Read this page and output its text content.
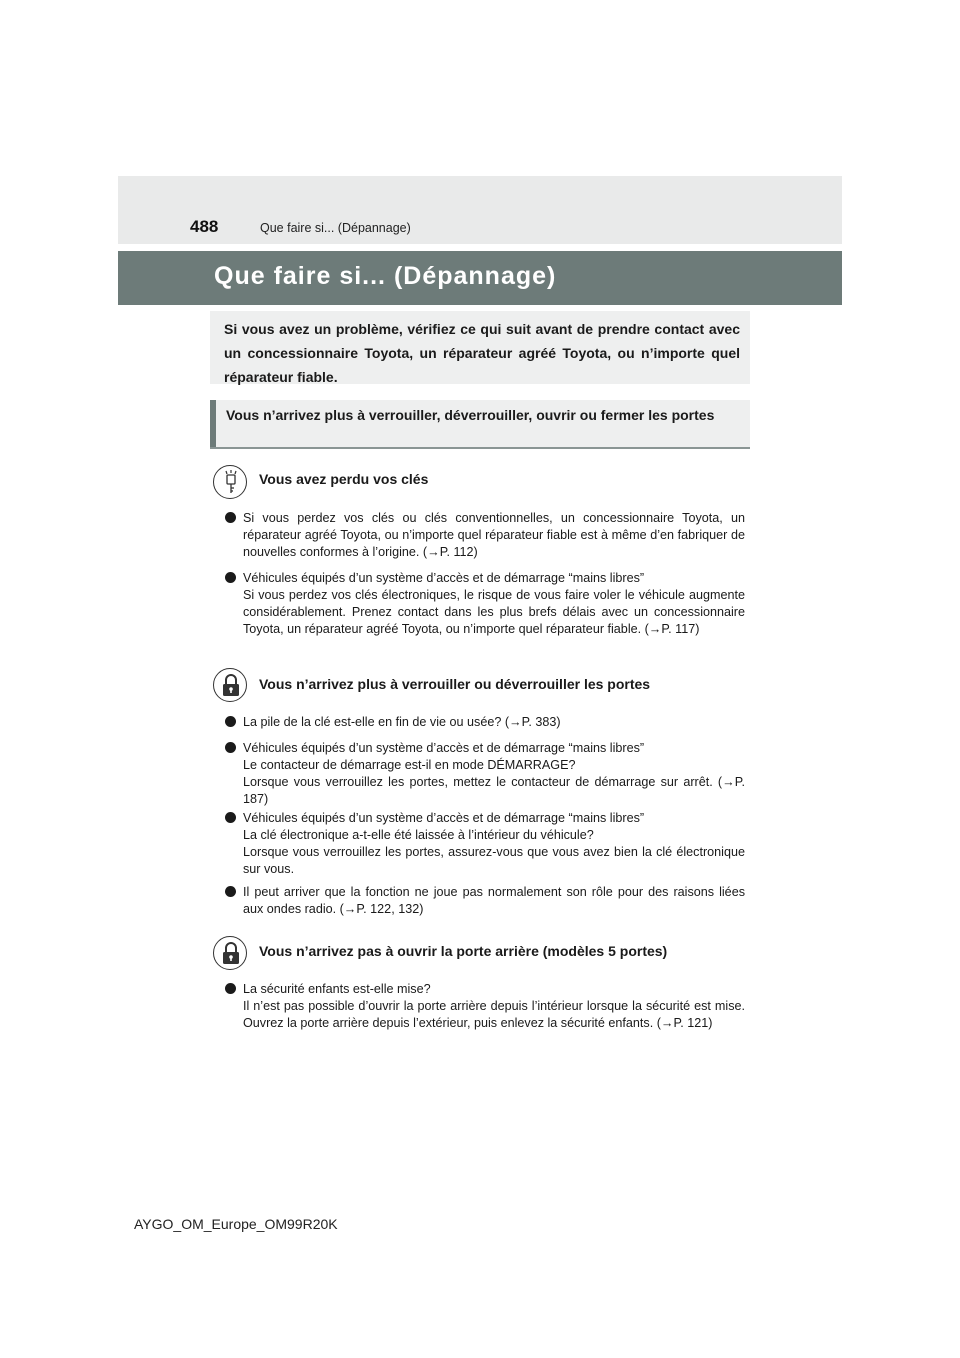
488	Que faire si... (Dépannage)
Que faire si... (Dépannage)
Si vous avez un problème, vérifiez ce qui suit avant de prendre contact avec un concessionnaire Toyota, un réparateur agréé Toyota, ou n’importe quel réparateur fiable.
Vous n’arrivez plus à verrouiller, déverrouiller, ouvrir ou fermer les portes
Vous avez perdu vos clés
Si vous perdez vos clés ou clés conventionnelles, un concessionnaire Toyota, un réparateur agréé Toyota, ou n’importe quel réparateur fiable est à même d’en fabriquer de nouvelles conformes à l’origine. (→P. 112)
Véhicules équipés d’un système d’accès et de démarrage “mains libres”
Si vous perdez vos clés électroniques, le risque de vous faire voler le véhicule augmente considérablement. Prenez contact dans les plus brefs délais avec un concessionnaire Toyota, un réparateur agréé Toyota, ou n’importe quel réparateur fiable. (→P. 117)
Vous n’arrivez plus à verrouiller ou déverrouiller les portes
La pile de la clé est-elle en fin de vie ou usée? (→P. 383)
Véhicules équipés d’un système d’accès et de démarrage “mains libres”
Le contacteur de démarrage est-il en mode DÉMARRAGE?
Lorsque vous verrouillez les portes, mettez le contacteur de démarrage sur arrêt. (→P. 187)
Véhicules équipés d’un système d’accès et de démarrage “mains libres”
La clé électronique a-t-elle été laissée à l’intérieur du véhicule?
Lorsque vous verrouillez les portes, assurez-vous que vous avez bien la clé électronique sur vous.
Il peut arriver que la fonction ne joue pas normalement son rôle pour des raisons liées aux ondes radio. (→P. 122, 132)
Vous n’arrivez pas à ouvrir la porte arrière (modèles 5 portes)
La sécurité enfants est-elle mise?
Il n’est pas possible d’ouvrir la porte arrière depuis l’intérieur lorsque la sécurité est mise. Ouvrez la porte arrière depuis l’extérieur, puis enlevez la sécurité enfants. (→P. 121)
AYGO_OM_Europe_OM99R20K
